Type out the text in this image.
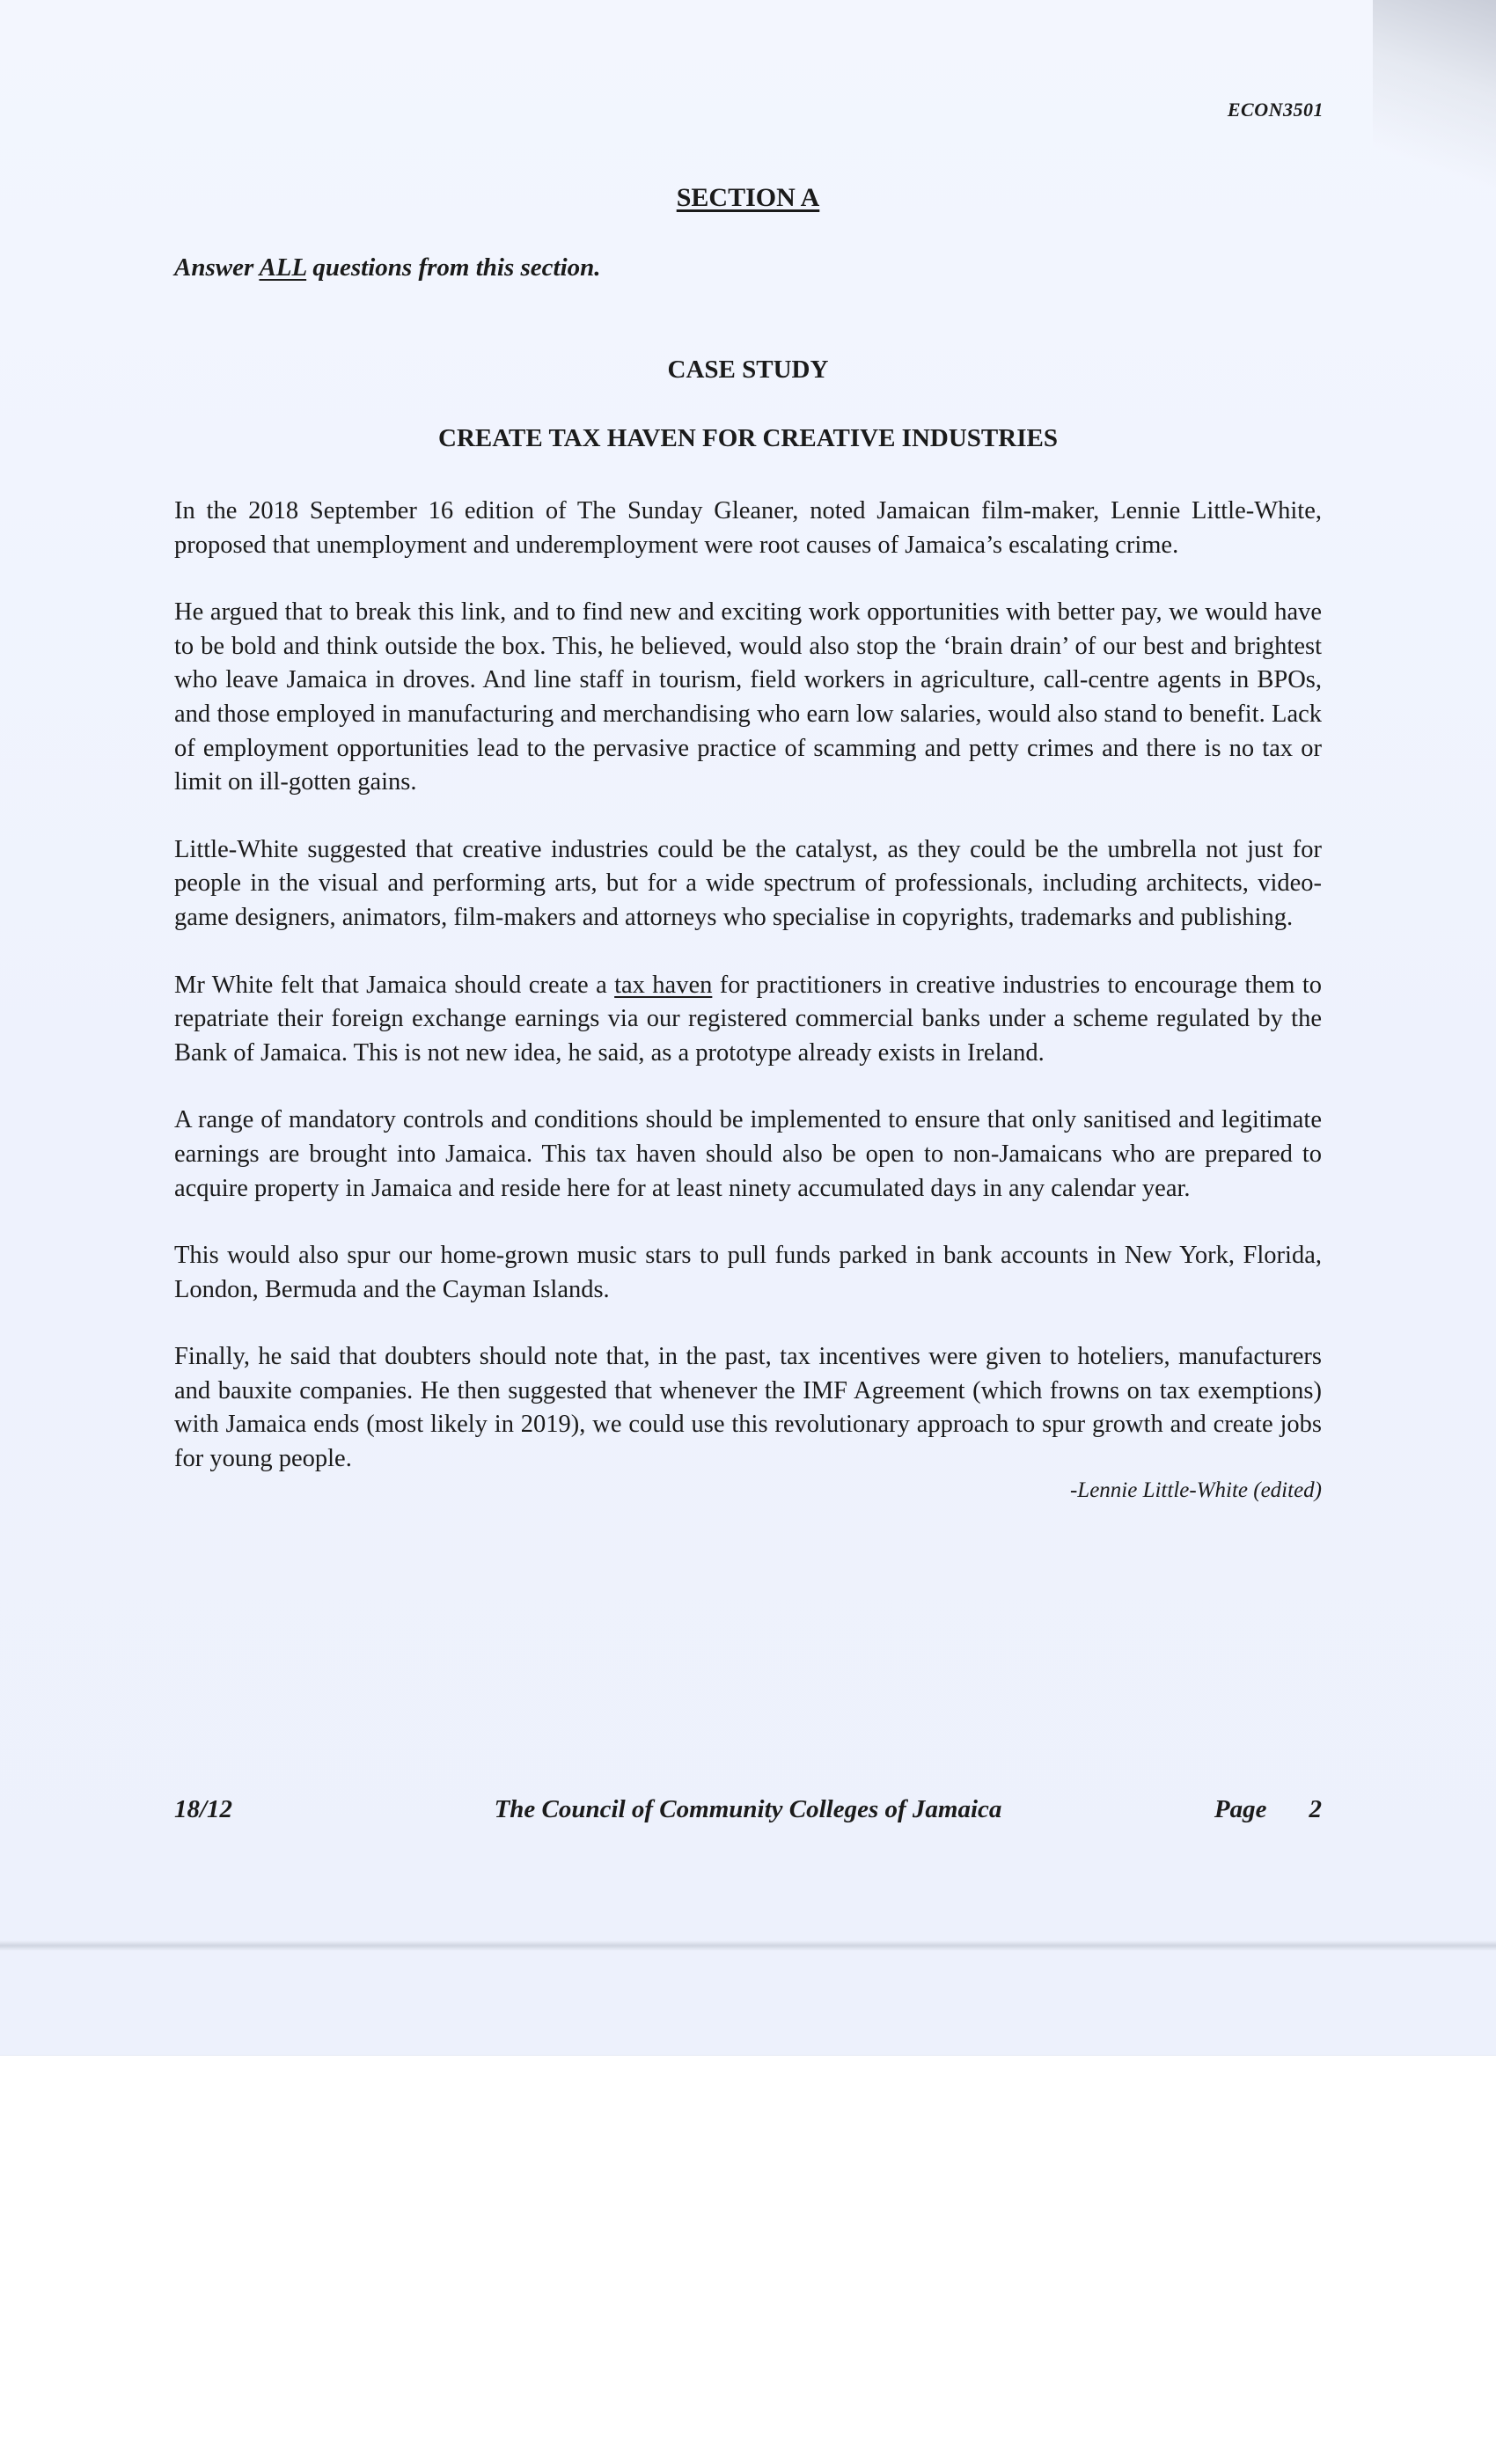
ECON3501
SECTION A
Answer ALL questions from this section.
CASE STUDY
CREATE TAX HAVEN FOR CREATIVE INDUSTRIES

In the 2018 September 16 edition of The Sunday Gleaner, noted Jamaican film-maker, Lennie Little-White, proposed that unemployment and underemployment were root causes of Jamaica’s escalating crime.

He argued that to break this link, and to find new and exciting work opportunities with better pay, we would have to be bold and think outside the box. This, he believed, would also stop the ‘brain drain’ of our best and brightest who leave Jamaica in droves. And line staff in tourism, field workers in agriculture, call-centre agents in BPOs, and those employed in manufacturing and merchandising who earn low salaries, would also stand to benefit. Lack of employment opportunities lead to the pervasive practice of scamming and petty crimes and there is no tax or limit on ill-gotten gains.

Little-White suggested that creative industries could be the catalyst, as they could be the umbrella not just for people in the visual and performing arts, but for a wide spectrum of professionals, including architects, video-game designers, animators, film-makers and attorneys who specialise in copyrights, trademarks and publishing.

Mr White felt that Jamaica should create a tax haven for practitioners in creative industries to encourage them to repatriate their foreign exchange earnings via our registered commercial banks under a scheme regulated by the Bank of Jamaica. This is not new idea, he said, as a prototype already exists in Ireland.

A range of mandatory controls and conditions should be implemented to ensure that only sanitised and legitimate earnings are brought into Jamaica. This tax haven should also be open to non-Jamaicans who are prepared to acquire property in Jamaica and reside here for at least ninety accumulated days in any calendar year.

This would also spur our home-grown music stars to pull funds parked in bank accounts in New York, Florida, London, Bermuda and the Cayman Islands.

Finally, he said that doubters should note that, in the past, tax incentives were given to hoteliers, manufacturers and bauxite companies. He then suggested that whenever the IMF Agreement (which frowns on tax exemptions) with Jamaica ends (most likely in 2019), we could use this revolutionary approach to spur growth and create jobs for young people.

-Lennie Little-White (edited)
18/12	The Council of Community Colleges of Jamaica	Page 2
